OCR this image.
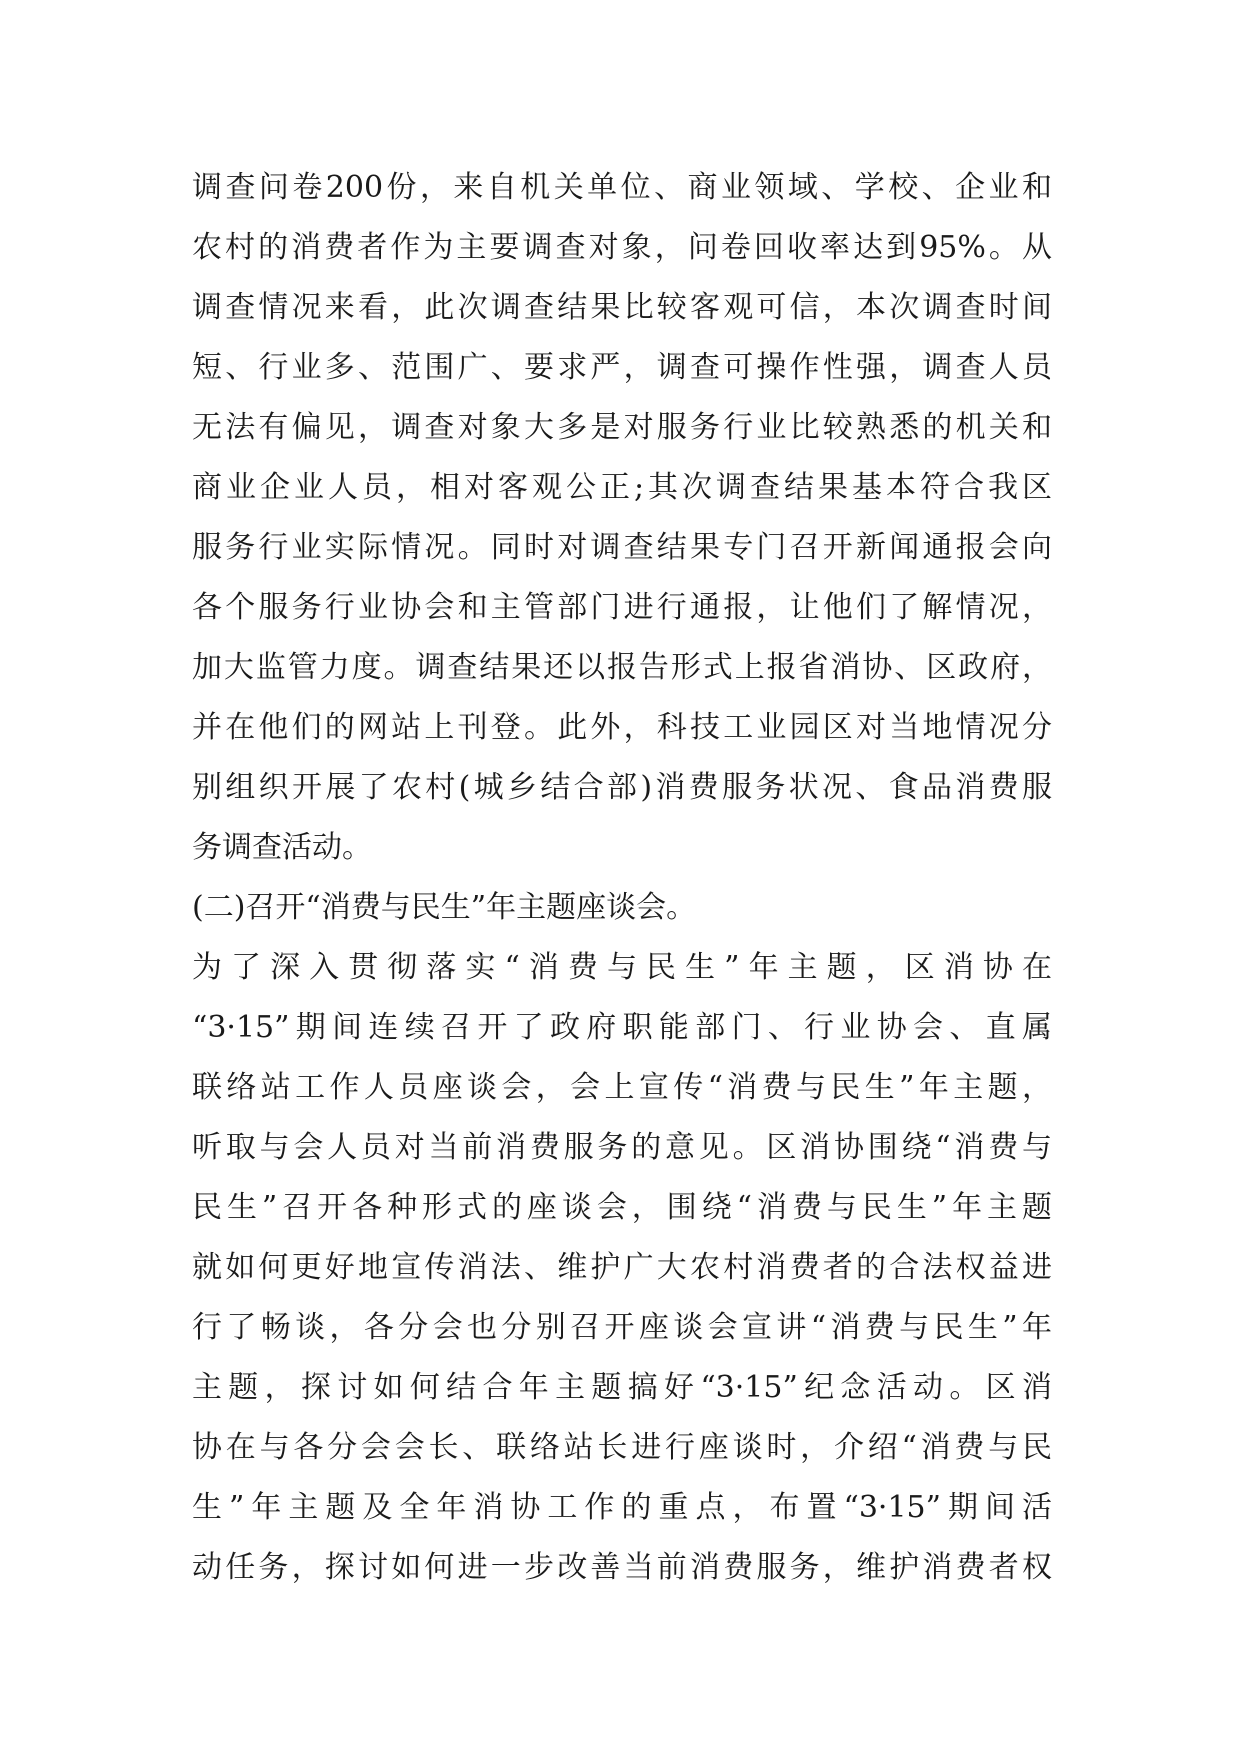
调查问卷200份，来自机关单位、商业领域、学校、企业和
农村的消费者作为主要调查对象，问卷回收率达到95%。从
调查情况来看，此次调查结果比较客观可信，本次调查时间
短、行业多、范围广、要求严，调查可操作性强，调查人员
无法有偏见，调查对象大多是对服务行业比较熟悉的机关和
商业企业人员，相对客观公正;其次调查结果基本符合我区
服务行业实际情况。同时对调查结果专门召开新闻通报会向
各个服务行业协会和主管部门进行通报，让他们了解情况，
加大监管力度。调查结果还以报告形式上报省消协、区政府，
并在他们的网站上刊登。此外，科技工业园区对当地情况分
别组织开展了农村(城乡结合部)消费服务状况、食品消费服
务调查活动。
(二)召开“消费与民生”年主题座谈会。
为了深入贯彻落实“消费与民生”年主题，区消协在
“3·15”期间连续召开了政府职能部门、行业协会、直属
联络站工作人员座谈会，会上宣传“消费与民生”年主题，
听取与会人员对当前消费服务的意见。区消协围绕“消费与
民生”召开各种形式的座谈会，围绕“消费与民生”年主题
就如何更好地宣传消法、维护广大农村消费者的合法权益进
行了畅谈，各分会也分别召开座谈会宣讲“消费与民生”年
主题，探讨如何结合年主题搞好“3·15”纪念活动。区消
协在与各分会会长、联络站长进行座谈时，介绍“消费与民
生”年主题及全年消协工作的重点，布置“3·15”期间活
动任务，探讨如何进一步改善当前消费服务，维护消费者权
